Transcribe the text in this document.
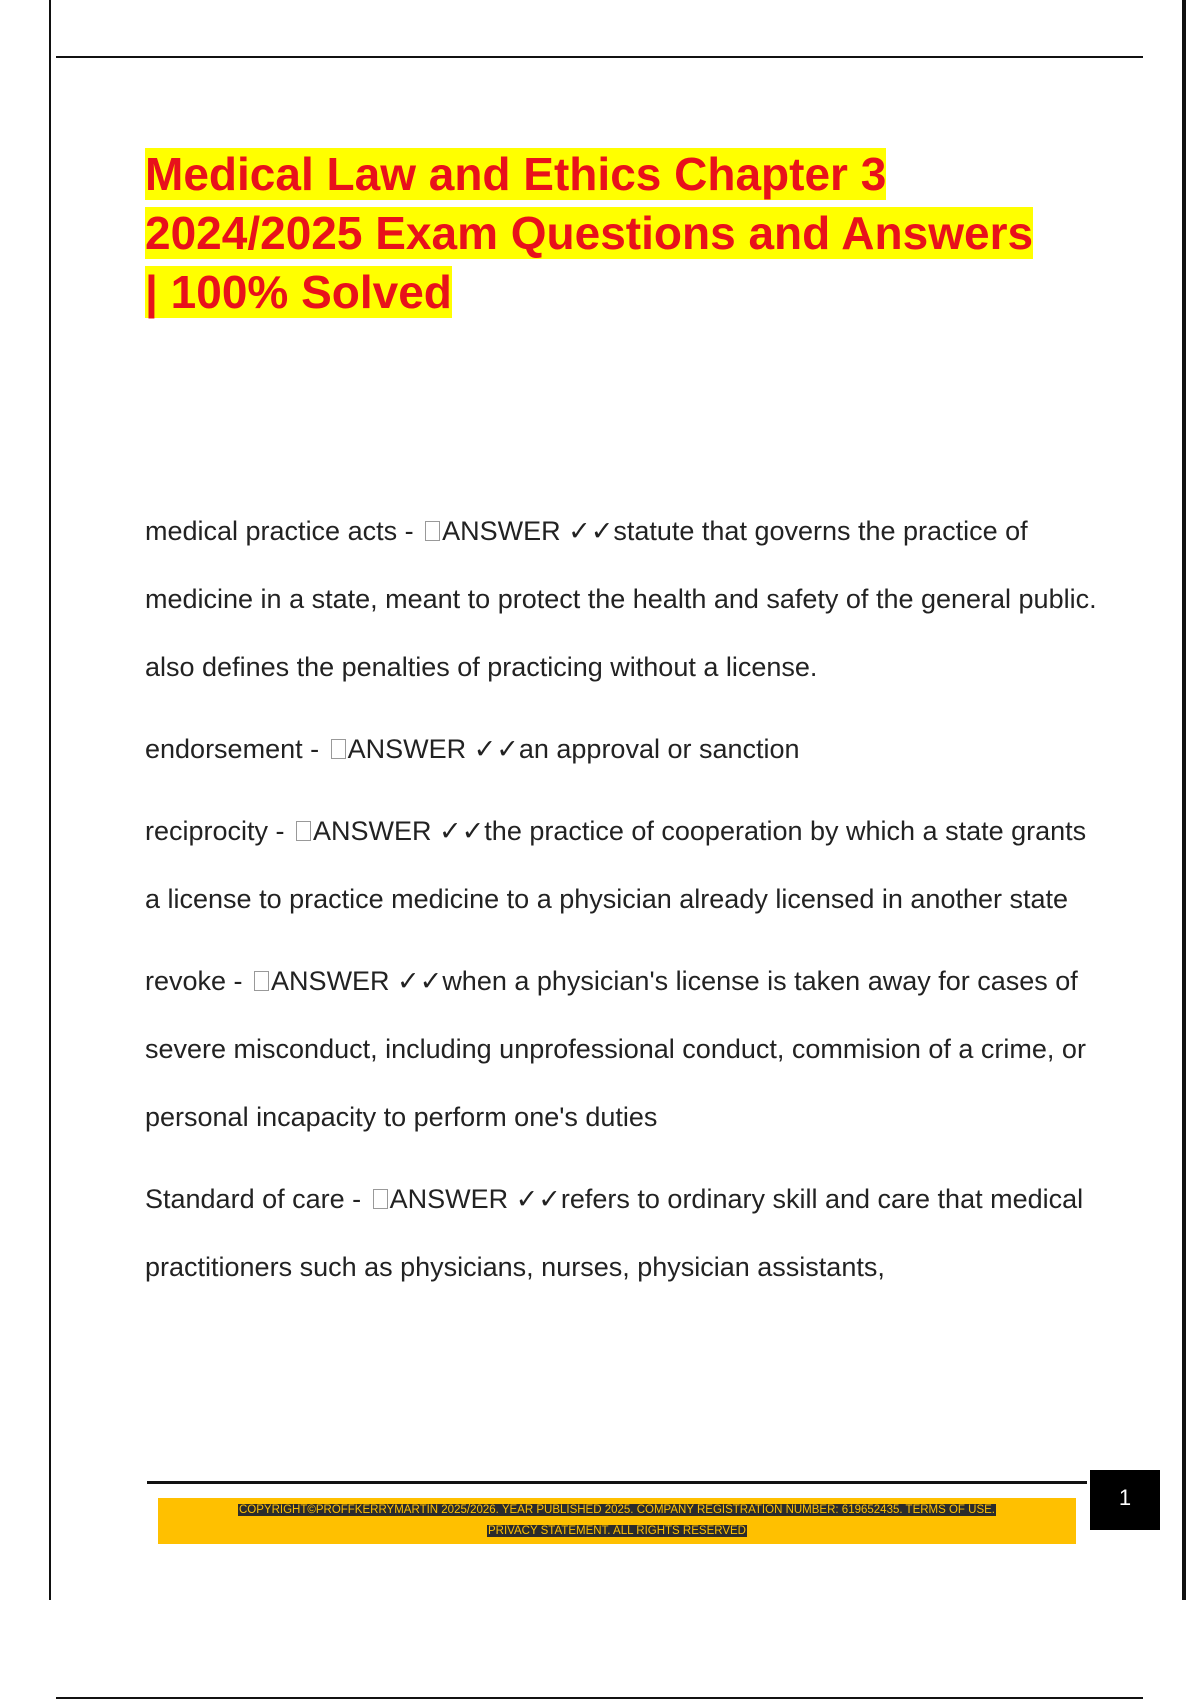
Medical Law and Ethics Chapter 3
2024/2025 Exam Questions and Answers
| 100% Solved

medical practice acts - ANSWER ✓✓statute that governs the practice of medicine in a state, meant to protect the health and safety of the general public. also defines the penalties of practicing without a license.

endorsement - ANSWER ✓✓an approval or sanction

reciprocity - ANSWER ✓✓the practice of cooperation by which a state grants a license to practice medicine to a physician already licensed in another state

revoke - ANSWER ✓✓when a physician's license is taken away for cases of severe misconduct, including unprofessional conduct, commision of a crime, or personal incapacity to perform one's duties

Standard of care - ANSWER ✓✓refers to ordinary skill and care that medical practitioners such as physicians, nurses, physician assistants,

COPYRIGHT©PROFFKERRYMARTIN 2025/2026. YEAR PUBLISHED 2025. COMPANY REGISTRATION NUMBER: 619652435. TERMS OF USE.
PRIVACY STATEMENT. ALL RIGHTS RESERVED
1
